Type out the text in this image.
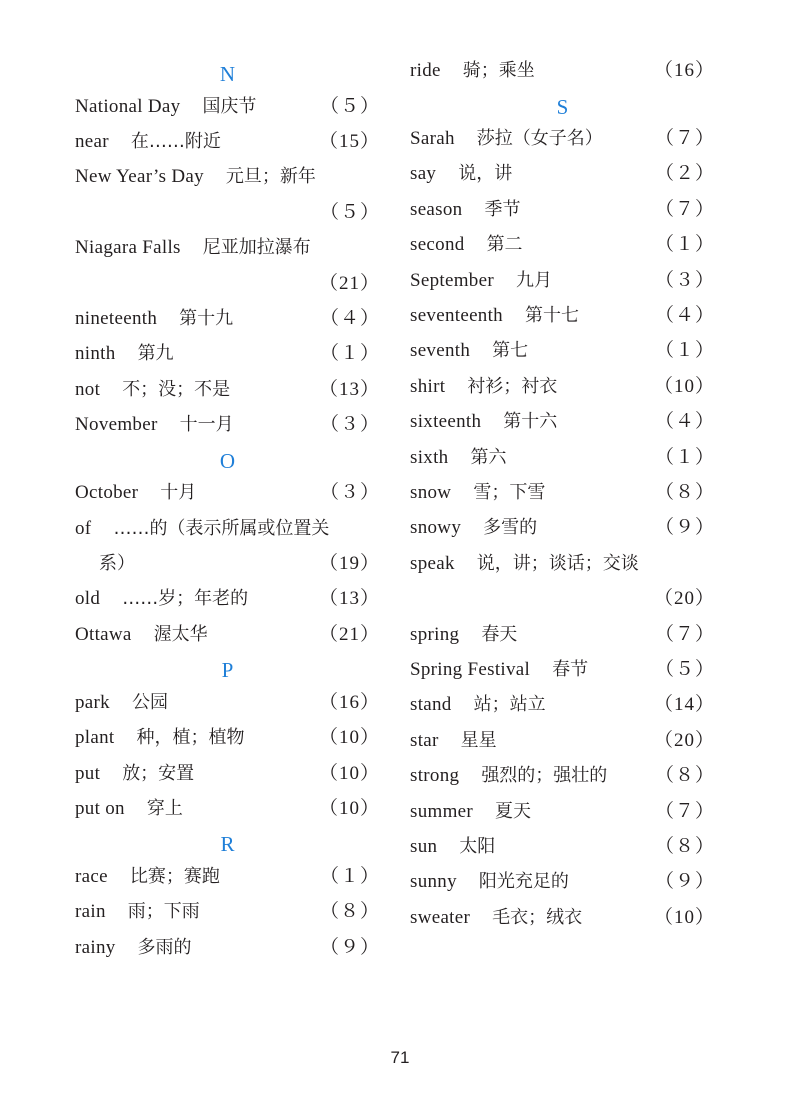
N
National Day 国庆节	（５）
near 在……附近	（15）
New Year’s Day 元旦；新年
（５）
Niagara Falls 尼亚加拉瀑布
（21）
nineteenth 第十九	（４）
ninth 第九	（１）
not 不；没；不是	（13）
November 十一月	（３）
O
October 十月	（３）
of ……的（表示所属或位置关
系）	（19）
old ……岁；年老的	（13）
Ottawa 渥太华	（21）
P
park 公园	（16）
plant 种，植；植物	（10）
put 放；安置	（10）
put on 穿上	（10）
R
race 比赛；赛跑	（１）
rain 雨；下雨	（８）
rainy 多雨的	（９）
ride 骑；乘坐	（16）
S
Sarah 莎拉（女子名）	（７）
say 说，讲	（２）
season 季节	（７）
second 第二	（１）
September 九月	（３）
seventeenth 第十七	（４）
seventh 第七	（１）
shirt 衬衫；衬衣	（10）
sixteenth 第十六	（４）
sixth 第六	（１）
snow 雪；下雪	（８）
snowy 多雪的	（９）
speak 说，讲；谈话；交谈
（20）
spring 春天	（７）
Spring Festival 春节	（５）
stand 站；站立	（14）
star 星星	（20）
strong 强烈的；强壮的	（８）
summer 夏天	（７）
sun 太阳	（８）
sunny 阳光充足的	（９）
sweater 毛衣；绒衣	（10）
71
